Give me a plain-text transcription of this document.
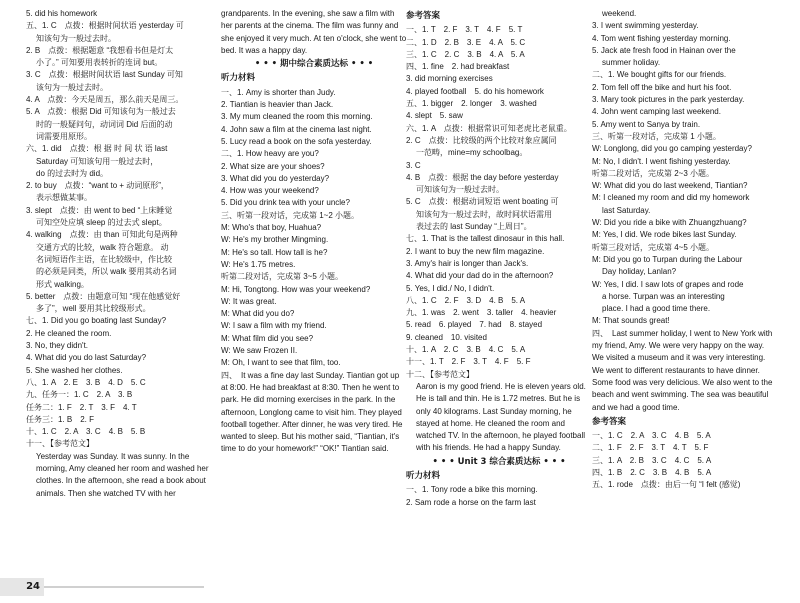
5. did his homework
五、1. C　点拨：根据时间状语 yesterday 可
知该句为一般过去时。
2. B　点拨：根据题意 “我想看书但是灯太
小了。” 可知要用表转折的连词 but。
3. C　点拨：根据时间状语 last Sunday 可知
该句为一般过去时。
4. A　点拨：今天是周五，那么前天是周三。
5. A　点拨：根据 Did 可知该句为一般过去
时的一般疑问句，动词词 Did 后面的动
词需要用原形。
六、1. did　点拨：根 据 时 间 状 语 last
Saturday 可知该句用一般过去时，
do 的过去时为 did。
2. to buy　点拨：“want to + 动词原形”，
表示想做某事。
3. slept　点拨：由 went to bed “上床睡觉
可知空处应填 sleep 的过去式 slept。
4. walking　点拨：由 than 可知此句是两种
交通方式的比较，walk 符合题意。 动
名词短语作主语，在比较级中，作比较
的必须是同类，所以 walk 要用其动名词
形式 walking。
5. better　点拨：由题意可知 “现在他感觉好
多了”，well 要用其比较级形式。
七、1. Did you go boating last Sunday?
2. He cleaned the room.
3. No, they didn't.
4. What did you do last Saturday?
5. She washed her clothes.
八、1. A　2. E　3. B　4. D　5. C
九、任务一：1. C　2. A　3. B
任务二：1. F　2. T　3. F　4. T
任务三：1. B　2. F
十、1. C　2. A　3. C　4. B　5. B
十一、【参考范文】
Yesterday was Sunday. It was sunny. In the morning, Amy cleaned her room and washed her clothes. In the afternoon, she read a book about animals. Then she watched TV with her
grandparents. In the evening, she saw a film with her parents at the cinema. The film was funny and she enjoyed it very much. At ten o'clock, she went to bed. It was a happy day.
• • • 期中综合素质达标 • • •
听力材料
一、1. Amy is shorter than Judy.
2. Tiantian is heavier than Jack.
3. My mum cleaned the room this morning.
4. John saw a film at the cinema last night.
5. Lucy read a book on the sofa yesterday.
二、1. How heavy are you?
2. What size are your shoes?
3. What did you do yesterday?
4. How was your weekend?
5. Did you drink tea with your uncle?
三、听第一段对话，完成第 1~2 小题。
M: Who's that boy, Huahua?
W: He's my brother Mingming.
M: He's so tall. How tall is he?
W: He's 1.75 metres.
听第二段对话，完成第 3~5 小题。
M: Hi, Tongtong. How was your weekend?
W: It was great.
M: What did you do?
W: I saw a film with my friend.
M: What film did you see?
W: We saw Frozen II.
M: Oh, I want to see that film, too.
四、　It was a fine day last Sunday. Tiantian got up at 8:00. He had breakfast at 8:30. Then he went to park. He did morning exercises in the park. In the afternoon, Longlong came to visit him. They played football together. After dinner, he was very tired. He wanted to sleep. But his mother said, “Tiantian, it's time to do your homework!” “OK!” Tiantian said.
参考答案
一、1. T　2. F　3. T　4. F　5. T
二、1. D　2. B　3. E　4. A　5. C
三、1. C　2. C　3. B　4. A　5. A
四、1. fine　2. had breakfast
3. did morning exercises
4. played football　5. do his homework
五、1. bigger　2. longer　3. washed
4. slept　5. saw
六、1. A　点拨：根据常识可知老虎比老鼠重。
2. C　点拨：比较级的两个比较对象应属同
一范畴，mine=my schoolbag。
3. C
4. B　点拨：根据 the day before yesterday
可知该句为一般过去时。
5. C　点拨：根据动词短语 went boating 可
知该句为一般过去时，故时间状语需用
表过去的 last Sunday “上周日”。
七、1. That is the tallest dinosaur in this hall.
2. I want to buy the new film magazine.
3. Amy's hair is longer than Jack's.
4. What did your dad do in the afternoon?
5. Yes, I did./ No, I didn't.
八、1. C　2. F　3. D　4. B　5. A
九、1. was　2. went　3. taller　4. heavier
5. read　6. played　7. had　8. stayed
9. cleaned　10. visited
十、1. A　2. C　3. B　4. C　5. A
十一、1. T　2. F　3. T　4. F　5. F
十二、【参考范文】
Aaron is my good friend. He is eleven years old. He is tall and thin. He is 1.72 metres. But he is only 40 kilograms. Last Sunday morning, he stayed at home. He cleaned the room and watched TV. In the afternoon, he played football with his friends. He had a happy Sunday.
• • • Unit 3 综合素质达标 • • •
听力材料
一、1. Tony rode a bike this morning.
2. Sam rode a horse on the farm last
weekend.
3. I went swimming yesterday.
4. Tom went fishing yesterday morning.
5. Jack ate fresh food in Hainan over the
summer holiday.
二、1. We bought gifts for our friends.
2. Tom fell off the bike and hurt his foot.
3. Mary took pictures in the park yesterday.
4. John went camping last weekend.
5. Amy went to Sanya by train.
三、听第一段对话，完成第 1 小题。
W: Longlong, did you go camping yesterday?
M: No, I didn't. I went fishing yesterday.
听第二段对话，完成第 2~3 小题。
W: What did you do last weekend, Tiantian?
M: I cleaned my room and did my homework
last Saturday.
W: Did you ride a bike with Zhuangzhuang?
M: Yes, I did. We rode bikes last Sunday.
听第三段对话，完成第 4~5 小题。
M: Did you go to Turpan during the Labour
Day holiday, Lanlan?
W: Yes, I did. I saw lots of grapes and rode
a horse. Turpan was an interesting
place. I had a good time there.
M: That sounds great!
四、　Last summer holiday, I went to New York with my friend, Amy. We were very happy on the way. We visited a museum and it was very interesting. We went to different restaurants to have dinner. Some food was very delicious. We also went to the beach and went swimming. The sea was beautiful and we had a good time.
参考答案
一、1. C　2. A　3. C　4. B　5. A
二、1. F　2. F　3. T　4. T　5. F
三、1. A　2. B　3. C　4. C　5. A
四、1. B　2. C　3. B　4. B　5. A
五、1. rode　点拨：由后一句 “I felt (感觉)
24
